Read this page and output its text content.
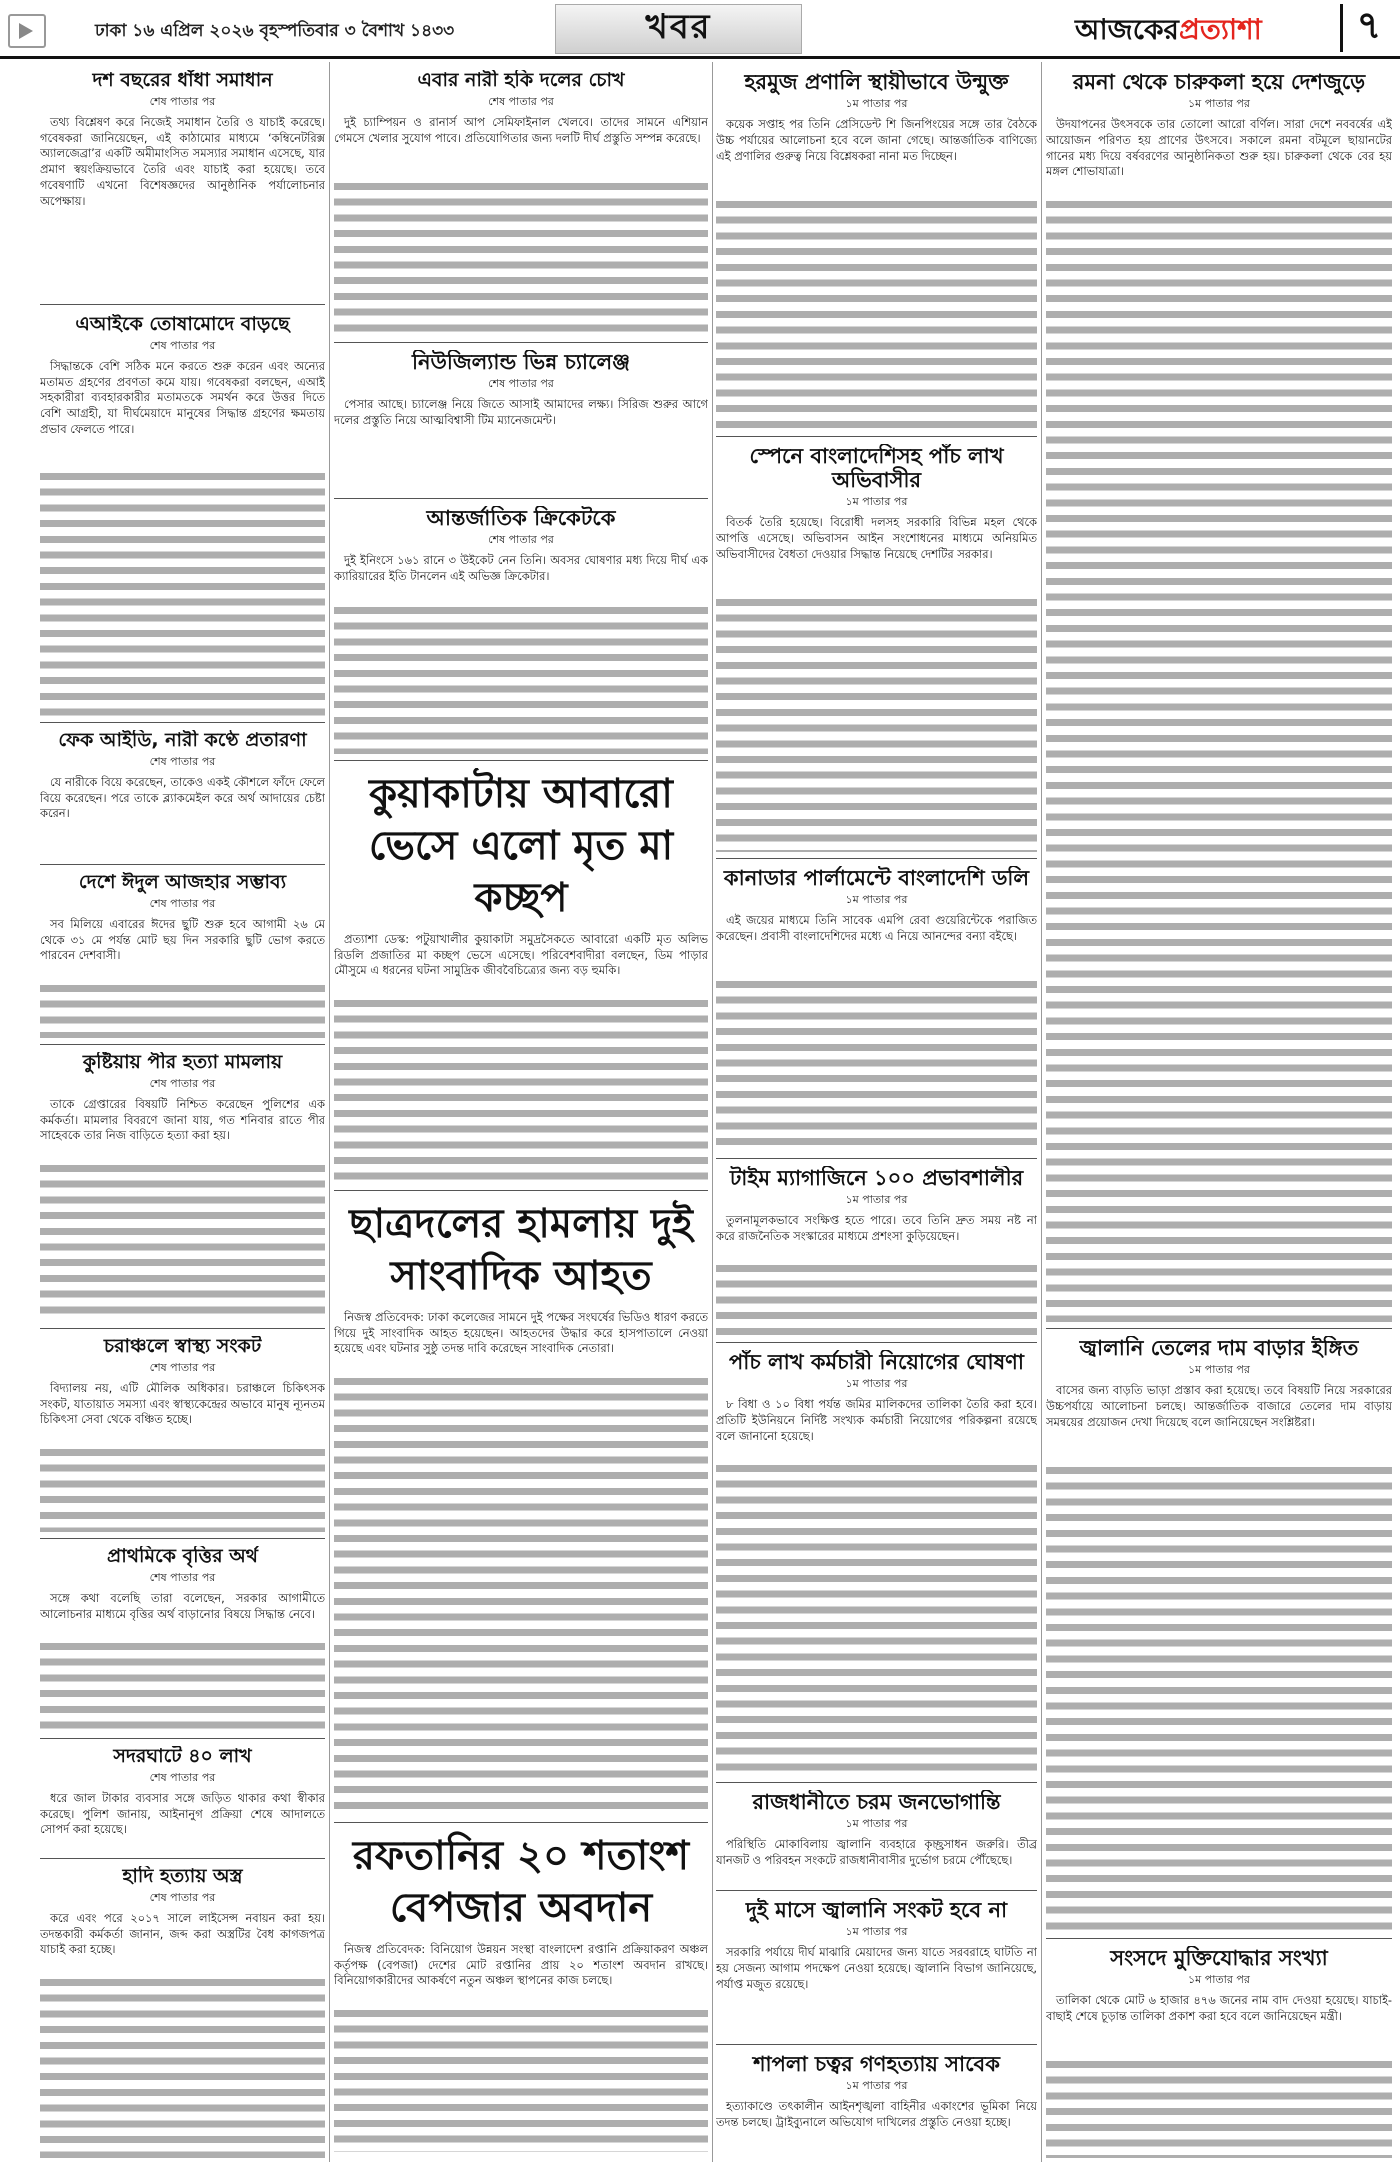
ঢাকা ১৬ এপ্রিল ২০২৬ বৃহস্পতিবার ৩ বৈশাখ ১৪৩৩	খবর	আজকেরপ্রত্যাশা	৭
দশ বছরের ধাঁধা সমাধান
শেষ পাতার পর

তথ্য বিশ্লেষণ করে নিজেই সমাধান তৈরি ও যাচাই করেছে। গবেষকরা জানিয়েছেন, এই কাঠামোর মাধ্যমে ‘কম্বিনেটরিক্স অ্যালজেব্রা’র একটি অমীমাংসিত সমস্যার সমাধান এসেছে, যার প্রমাণ স্বয়ংক্রিয়ভাবে তৈরি এবং যাচাই করা হয়েছে। তবে গবেষণাটি এখনো বিশেষজ্ঞদের আনুষ্ঠানিক পর্যালোচনার অপেক্ষায়।

এআইকে তোষামোদে বাড়ছে
শেষ পাতার পর

সিদ্ধান্তকে বেশি সঠিক মনে করতে শুরু করেন এবং অন্যের মতামত গ্রহণের প্রবণতা কমে যায়। গবেষকরা বলছেন, এআই সহকারীরা ব্যবহারকারীর মতামতকে সমর্থন করে উত্তর দিতে বেশি আগ্রহী, যা দীর্ঘমেয়াদে মানুষের সিদ্ধান্ত গ্রহণের ক্ষমতায় প্রভাব ফেলতে পারে।

ফেক আইডি, নারী কণ্ঠে প্রতারণা
শেষ পাতার পর

যে নারীকে বিয়ে করেছেন, তাকেও একই কৌশলে ফাঁদে ফেলে বিয়ে করেছেন। পরে তাকে ব্ল্যাকমেইল করে অর্থ আদায়ের চেষ্টা করেন।

দেশে ঈদুল আজহার সম্ভাব্য
শেষ পাতার পর

সব মিলিয়ে এবারের ঈদের ছুটি শুরু হবে আগামী ২৬ মে থেকে ৩১ মে পর্যন্ত মোট ছয় দিন সরকারি ছুটি ভোগ করতে পারবেন দেশবাসী।

কুষ্টিয়ায় পীর হত্যা মামলায়
শেষ পাতার পর

তাকে গ্রেপ্তারের বিষয়টি নিশ্চিত করেছেন পুলিশের এক কর্মকর্তা। মামলার বিবরণে জানা যায়, গত শনিবার রাতে পীর সাহেবকে তার নিজ বাড়িতে হত্যা করা হয়।

চরাঞ্চলে স্বাস্থ্য সংকট
শেষ পাতার পর

বিদ্যালয় নয়, এটি মৌলিক অধিকার। চরাঞ্চলে চিকিৎসক সংকট, যাতায়াত সমস্যা এবং স্বাস্থ্যকেন্দ্রের অভাবে মানুষ ন্যূনতম চিকিৎসা সেবা থেকে বঞ্চিত হচ্ছে।

প্রাথমিকে বৃত্তির অর্থ
শেষ পাতার পর

সঙ্গে কথা বলেছি তারা বলেছেন, সরকার আগামীতে আলোচনার মাধ্যমে বৃত্তির অর্থ বাড়ানোর বিষয়ে সিদ্ধান্ত নেবে।

সদরঘাটে ৪০ লাখ
শেষ পাতার পর

ধরে জাল টাকার ব্যবসার সঙ্গে জড়িত থাকার কথা স্বীকার করেছে। পুলিশ জানায়, আইনানুগ প্রক্রিয়া শেষে আদালতে সোপর্দ করা হয়েছে।

হাদি হত্যায় অস্ত্র
শেষ পাতার পর

করে এবং পরে ২০১৭ সালে লাইসেন্স নবায়ন করা হয়। তদন্তকারী কর্মকর্তা জানান, জব্দ করা অস্ত্রটির বৈধ কাগজপত্র যাচাই করা হচ্ছে।

এবার নারী হকি দলের চোখ
শেষ পাতার পর

দুই চ্যাম্পিয়ন ও রানার্স আপ সেমিফাইনাল খেলবে। তাদের সামনে এশিয়ান গেমসে খেলার সুযোগ পাবে। প্রতিযোগিতার জন্য দলটি দীর্ঘ প্রস্তুতি সম্পন্ন করেছে।

নিউজিল্যান্ড ভিন্ন চ্যালেঞ্জ
শেষ পাতার পর

পেসার আছে। চ্যালেঞ্জ নিয়ে জিতে আসাই আমাদের লক্ষ্য। সিরিজ শুরুর আগে দলের প্রস্তুতি নিয়ে আত্মবিশ্বাসী টিম ম্যানেজমেন্ট।

আন্তর্জাতিক ক্রিকেটকে
শেষ পাতার পর

দুই ইনিংসে ১৬১ রানে ৩ উইকেট নেন তিনি। অবসর ঘোষণার মধ্য দিয়ে দীর্ঘ এক ক্যারিয়ারের ইতি টানলেন এই অভিজ্ঞ ক্রিকেটার।

কুয়াকাটায় আবারো ভেসে এলো মৃত মা কচ্ছপ

প্রত্যাশা ডেস্ক: পটুয়াখালীর কুয়াকাটা সমুদ্রসৈকতে আবারো একটি মৃত অলিভ রিডলি প্রজাতির মা কচ্ছপ ভেসে এসেছে। পরিবেশবাদীরা বলছেন, ডিম পাড়ার মৌসুমে এ ধরনের ঘটনা সামুদ্রিক জীববৈচিত্র্যের জন্য বড় হুমকি।

ছাত্রদলের হামলায় দুই সাংবাদিক আহত

নিজস্ব প্রতিবেদক: ঢাকা কলেজের সামনে দুই পক্ষের সংঘর্ষের ভিডিও ধারণ করতে গিয়ে দুই সাংবাদিক আহত হয়েছেন। আহতদের উদ্ধার করে হাসপাতালে নেওয়া হয়েছে এবং ঘটনার সুষ্ঠু তদন্ত দাবি করেছেন সাংবাদিক নেতারা।

রফতানির ২০ শতাংশ বেপজার অবদান

নিজস্ব প্রতিবেদক: বিনিয়োগ উন্নয়ন সংস্থা বাংলাদেশ রপ্তানি প্রক্রিয়াকরণ অঞ্চল কর্তৃপক্ষ (বেপজা) দেশের মোট রপ্তানির প্রায় ২০ শতাংশ অবদান রাখছে। বিনিয়োগকারীদের আকর্ষণে নতুন অঞ্চল স্থাপনের কাজ চলছে।

হরমুজ প্রণালি স্থায়ীভাবে উন্মুক্ত
১ম পাতার পর

কয়েক সপ্তাহ পর তিনি প্রেসিডেন্ট শি জিনপিংয়ের সঙ্গে তার বৈঠকে উচ্চ পর্যায়ের আলোচনা হবে বলে জানা গেছে। আন্তর্জাতিক বাণিজ্যে এই প্রণালির গুরুত্ব নিয়ে বিশ্লেষকরা নানা মত দিচ্ছেন।

স্পেনে বাংলাদেশিসহ পাঁচ লাখ অভিবাসীর
১ম পাতার পর

বিতর্ক তৈরি হয়েছে। বিরোধী দলসহ সরকারি বিভিন্ন মহল থেকে আপত্তি এসেছে। অভিবাসন আইন সংশোধনের মাধ্যমে অনিয়মিত অভিবাসীদের বৈধতা দেওয়ার সিদ্ধান্ত নিয়েছে দেশটির সরকার।

কানাডার পার্লামেন্টে বাংলাদেশি ডলি
১ম পাতার পর

এই জয়ের মাধ্যমে তিনি সাবেক এমপি রেবা গুয়েরিন্টেকে পরাজিত করেছেন। প্রবাসী বাংলাদেশিদের মধ্যে এ নিয়ে আনন্দের বন্যা বইছে।

টাইম ম্যাগাজিনে ১০০ প্রভাবশালীর
১ম পাতার পর

তুলনামূলকভাবে সংক্ষিপ্ত হতে পারে। তবে তিনি দ্রুত সময় নষ্ট না করে রাজনৈতিক সংস্কারের মাধ্যমে প্রশংসা কুড়িয়েছেন।

পাঁচ লাখ কর্মচারী নিয়োগের ঘোষণা
১ম পাতার পর

৮ বিধা ও ১০ বিধা পর্যন্ত জমির মালিকদের তালিকা তৈরি করা হবে। প্রতিটি ইউনিয়নে নির্দিষ্ট সংখ্যক কর্মচারী নিয়োগের পরিকল্পনা রয়েছে বলে জানানো হয়েছে।

রাজধানীতে চরম জনভোগান্তি
১ম পাতার পর

পরিস্থিতি মোকাবিলায় জ্বালানি ব্যবহারে কৃচ্ছ্রসাধন জরুরি। তীব্র যানজট ও পরিবহন সংকটে রাজধানীবাসীর দুর্ভোগ চরমে পৌঁছেছে।

দুই মাসে জ্বালানি সংকট হবে না
১ম পাতার পর

সরকারি পর্যায়ে দীর্ঘ মাঝারি মেয়াদের জন্য যাতে সরবরাহে ঘাটতি না হয় সেজন্য আগাম পদক্ষেপ নেওয়া হয়েছে। জ্বালানি বিভাগ জানিয়েছে, পর্যাপ্ত মজুত রয়েছে।

শাপলা চত্বর গণহত্যায় সাবেক
১ম পাতার পর

হত্যাকাণ্ডে তৎকালীন আইনশৃঙ্খলা বাহিনীর একাংশের ভূমিকা নিয়ে তদন্ত চলছে। ট্রাইব্যুনালে অভিযোগ দাখিলের প্রস্তুতি নেওয়া হচ্ছে।

রমনা থেকে চারুকলা হয়ে দেশজুড়ে
১ম পাতার পর

উদযাপনের উৎসবকে তার তোলো আরো বর্ণিল। সারা দেশে নববর্ষের এই আয়োজন পরিণত হয় প্রাণের উৎসবে। সকালে রমনা বটমূলে ছায়ানটের গানের মধ্য দিয়ে বর্ষবরণের আনুষ্ঠানিকতা শুরু হয়। চারুকলা থেকে বের হয় মঙ্গল শোভাযাত্রা।

জ্বালানি তেলের দাম বাড়ার ইঙ্গিত
১ম পাতার পর

বাসের জন্য বাড়তি ভাড়া প্রস্তাব করা হয়েছে। তবে বিষয়টি নিয়ে সরকারের উচ্চপর্যায়ে আলোচনা চলছে। আন্তর্জাতিক বাজারে তেলের দাম বাড়ায় সমন্বয়ের প্রয়োজন দেখা দিয়েছে বলে জানিয়েছেন সংশ্লিষ্টরা।

সংসদে মুক্তিযোদ্ধার সংখ্যা
১ম পাতার পর

তালিকা থেকে মোট ৬ হাজার ৪৭৬ জনের নাম বাদ দেওয়া হয়েছে। যাচাই-বাছাই শেষে চূড়ান্ত তালিকা প্রকাশ করা হবে বলে জানিয়েছেন মন্ত্রী।
